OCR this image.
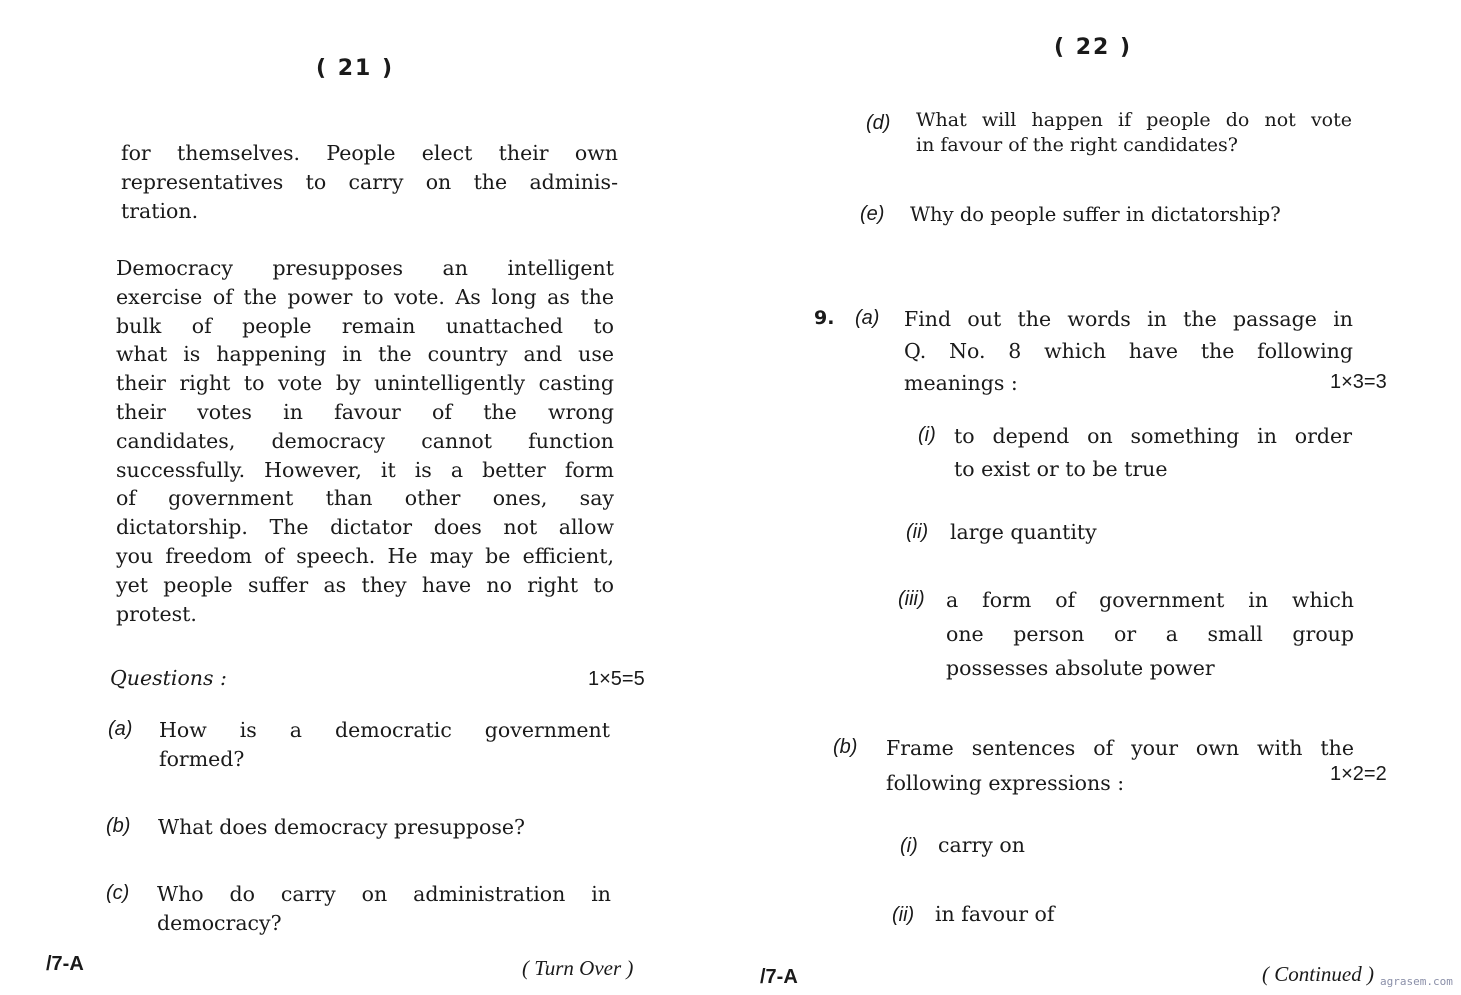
( 21 )
for themselves. People elect their own
representatives to carry on the adminis-
tration.
Democracy presupposes an intelligent
exercise of the power to vote. As long as the
bulk of people remain unattached to
what is happening in the country and use
their right to vote by unintelligently casting
their votes in favour of the wrong
candidates, democracy cannot function
successfully. However, it is a better form
of government than other ones, say
dictatorship. The dictator does not allow
you freedom of speech. He may be efficient,
yet people suffer as they have no right to
protest.
Questions :	1×5=5
(a) How is a democratic government
formed?
(b) What does democracy presuppose?
(c) Who do carry on administration in
democracy?
/7-A	( Turn Over )
( 22 )
(d) What will happen if people do not vote
in favour of the right candidates?
(e) Why do people suffer in dictatorship?
9. (a) Find out the words in the passage in
Q. No. 8 which have the following
meanings :	1×3=3
(i) to depend on something in order
to exist or to be true
(ii) large quantity
(iii) a form of government in which
one person or a small group
possesses absolute power
(b) Frame sentences of your own with the
following expressions :	1×2=2
(i) carry on
(ii) in favour of
/7-A	( Continued ) agrasem.com
